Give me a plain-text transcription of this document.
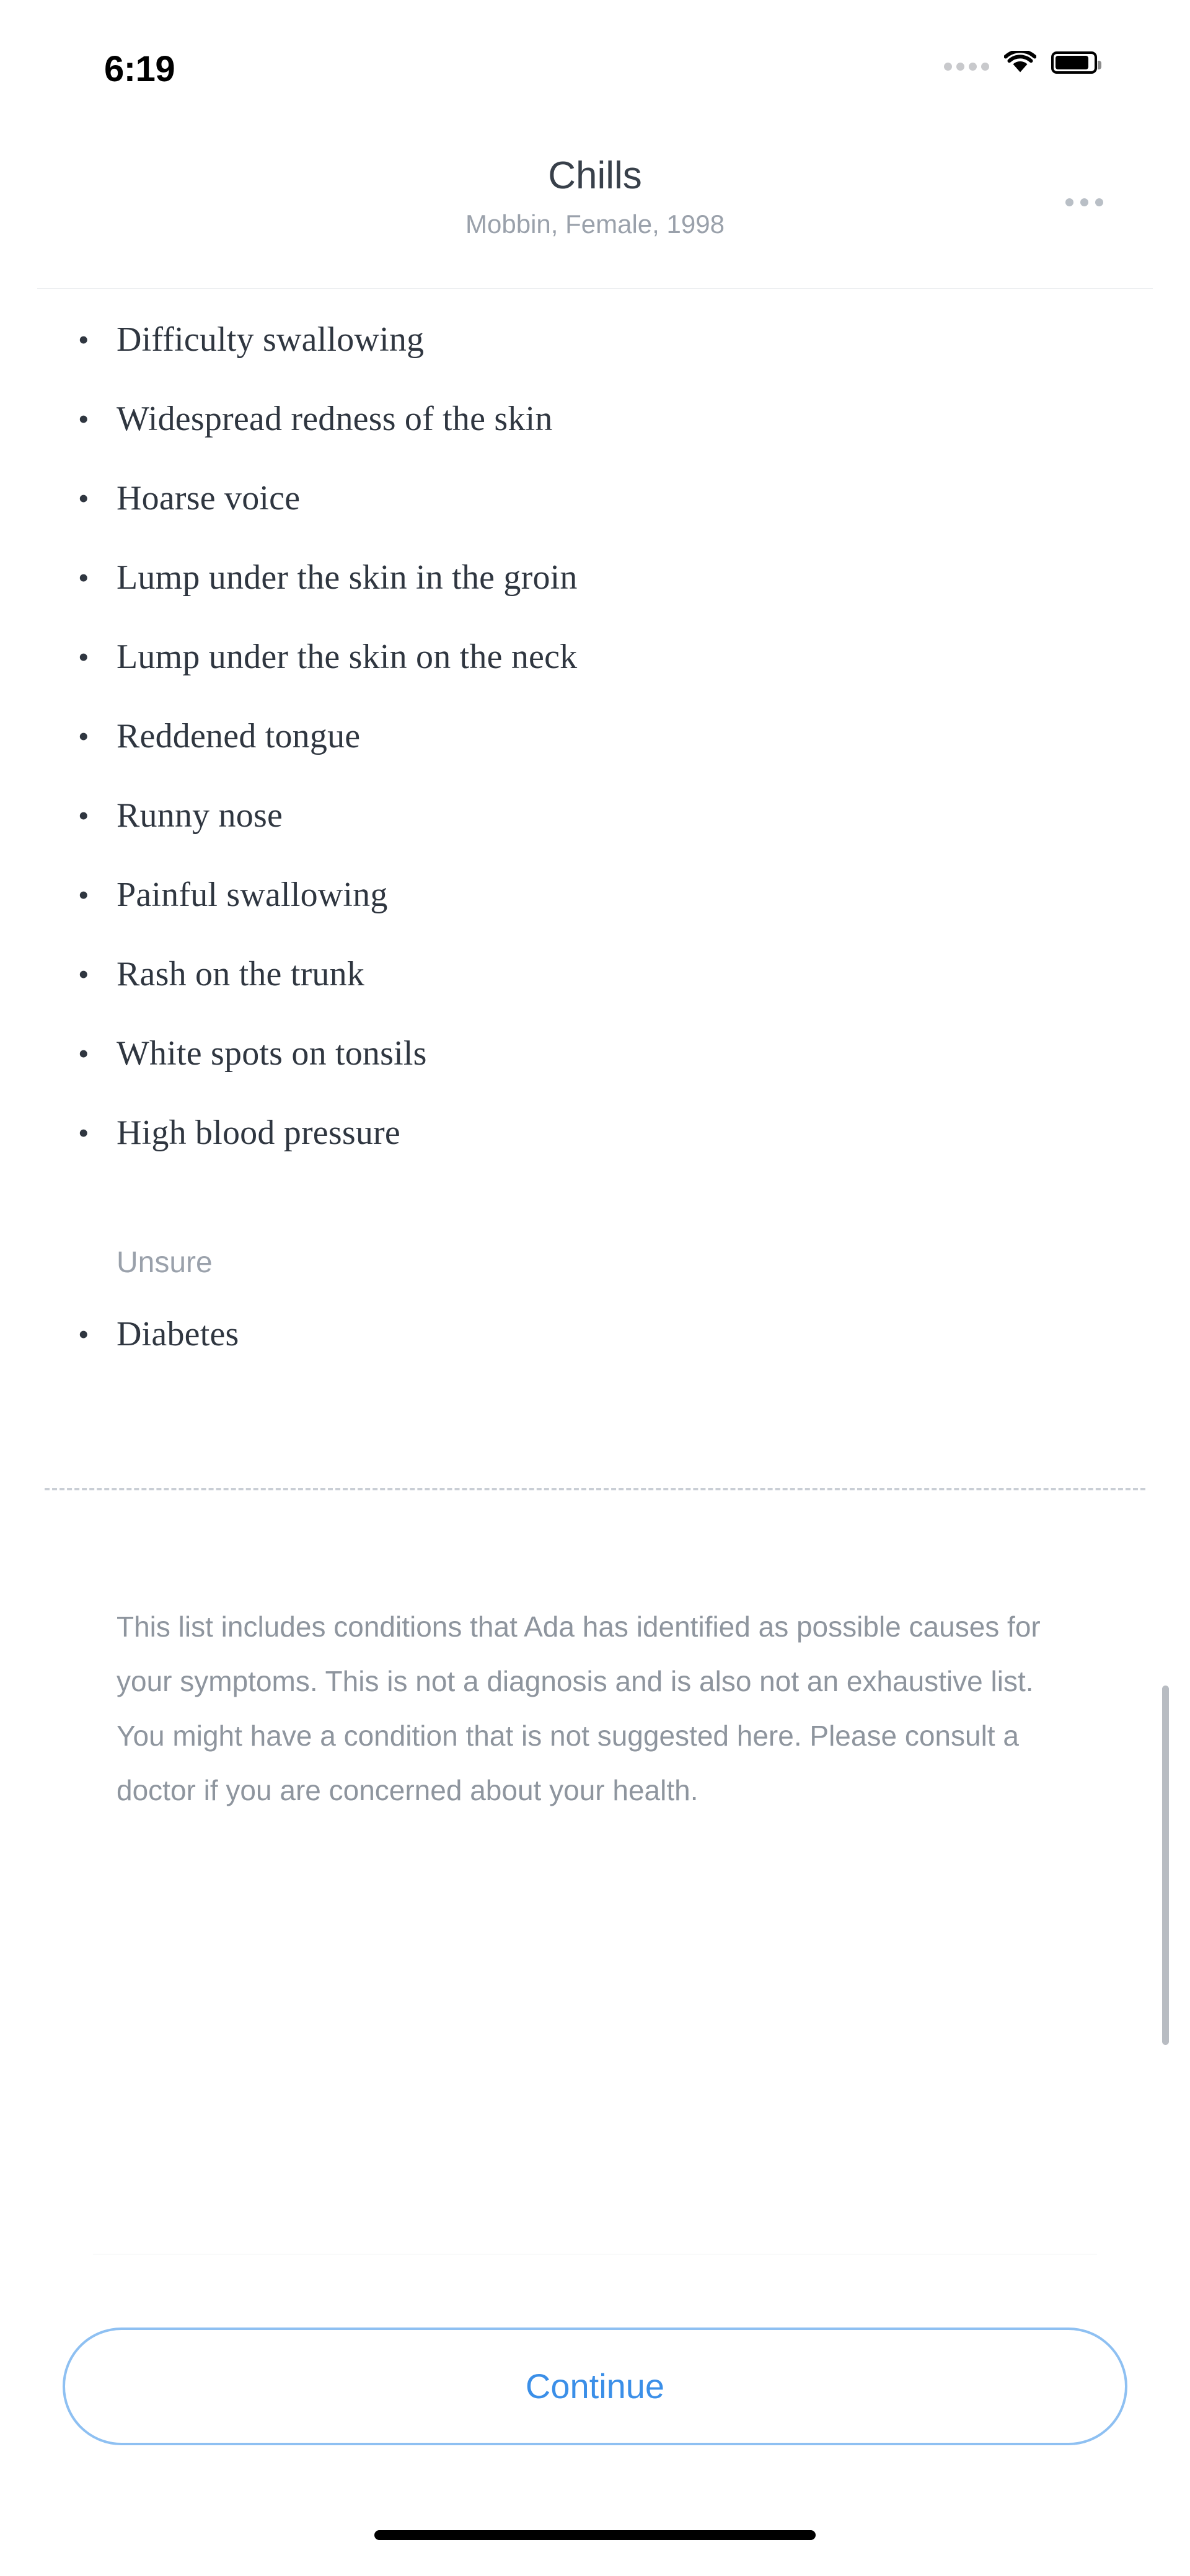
6:19
Chills
Mobbin, Female, 1998
• Difficulty swallowing
• Widespread redness of the skin
• Hoarse voice
• Lump under the skin in the groin
• Lump under the skin on the neck
• Reddened tongue
• Runny nose
• Painful swallowing
• Rash on the trunk
• White spots on tonsils
• High blood pressure
Unsure
• Diabetes
This list includes conditions that Ada has identified as possible causes for your symptoms. This is not a diagnosis and is also not an exhaustive list. You might have a condition that is not suggested here. Please consult a doctor if you are concerned about your health.
Continue
